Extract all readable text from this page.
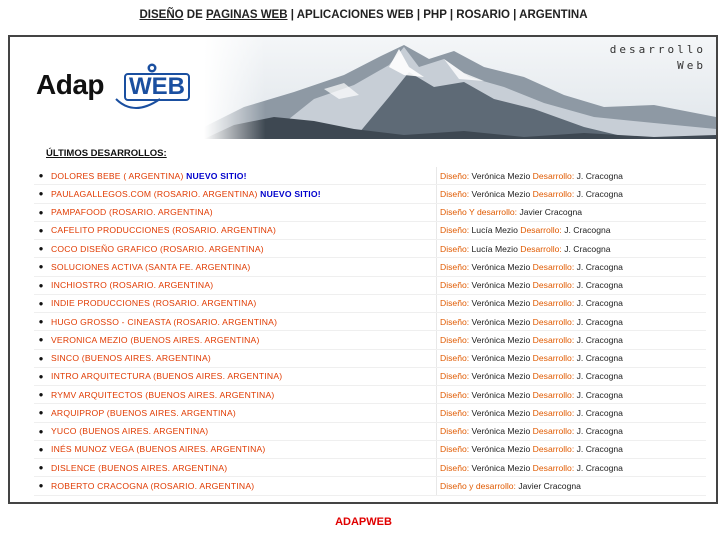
DISEÑO DE PAGINAS WEB | APLICACIONES WEB | PHP | ROSARIO | ARGENTINA
Adap WEB
desarrollo
Web
ÚLTIMOS DESARROLLOS:
●	DOLORES BEBE ( ARGENTINA) NUEVO SITIO!	Diseño: Verónica Mezio Desarrollo: J. Cracogna
●	PAULAGALLEGOS.COM (ROSARIO. ARGENTINA) NUEVO SITIO!	Diseño: Verónica Mezio Desarrollo: J. Cracogna
●	PAMPAFOOD (ROSARIO. ARGENTINA)	Diseño Y desarrollo: Javier Cracogna
●	CAFELITO PRODUCCIONES (ROSARIO. ARGENTINA)	Diseño: Lucía Mezio Desarrollo: J. Cracogna
●	COCO DISEÑO GRAFICO (ROSARIO. ARGENTINA)	Diseño: Lucía Mezio Desarrollo: J. Cracogna
●	SOLUCIONES ACTIVA (SANTA FE. ARGENTINA)	Diseño: Verónica Mezio Desarrollo: J. Cracogna
●	INCHIOSTRO (ROSARIO. ARGENTINA)	Diseño: Verónica Mezio Desarrollo: J. Cracogna
●	INDIE PRODUCCIONES (ROSARIO. ARGENTINA)	Diseño: Verónica Mezio Desarrollo: J. Cracogna
●	HUGO GROSSO - CINEASTA (ROSARIO. ARGENTINA)	Diseño: Verónica Mezio Desarrollo: J. Cracogna
●	VERONICA MEZIO (BUENOS AIRES. ARGENTINA)	Diseño: Verónica Mezio Desarrollo: J. Cracogna
●	SINCO (BUENOS AIRES. ARGENTINA)	Diseño: Verónica Mezio Desarrollo: J. Cracogna
●	INTRO ARQUITECTURA (BUENOS AIRES. ARGENTINA)	Diseño: Verónica Mezio Desarrollo: J. Cracogna
●	RYMV ARQUITECTOS (BUENOS AIRES. ARGENTINA)	Diseño: Verónica Mezio Desarrollo: J. Cracogna
●	ARQUIPROP (BUENOS AIRES. ARGENTINA)	Diseño: Verónica Mezio Desarrollo: J. Cracogna
●	YUCO (BUENOS AIRES. ARGENTINA)	Diseño: Verónica Mezio Desarrollo: J. Cracogna
●	INÉS MUNOZ VEGA (BUENOS AIRES. ARGENTINA)	Diseño: Verónica Mezio Desarrollo: J. Cracogna
●	DISLENCE (BUENOS AIRES. ARGENTINA)	Diseño: Verónica Mezio Desarrollo: J. Cracogna
●	ROBERTO CRACOGNA (ROSARIO. ARGENTINA)	Diseño y desarrollo: Javier Cracogna
ADAPWEB
